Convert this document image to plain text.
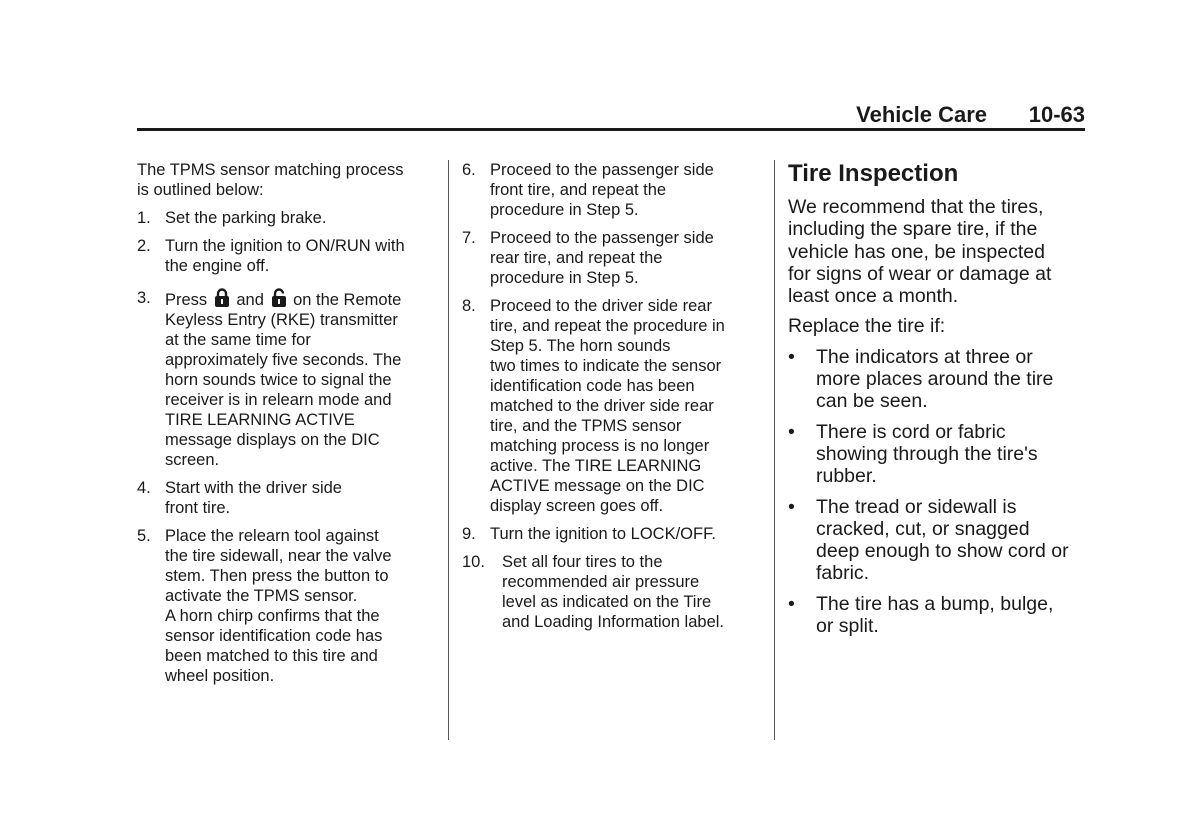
Vehicle Care 10-63
The TPMS sensor matching process
is outlined below:
1. Set the parking brake.
2. Turn the ignition to ON/RUN with
the engine off.
3. Press and on the Remote
Keyless Entry (RKE) transmitter
at the same time for
approximately five seconds. The
horn sounds twice to signal the
receiver is in relearn mode and
TIRE LEARNING ACTIVE
message displays on the DIC
screen.
4. Start with the driver side
front tire.
5. Place the relearn tool against
the tire sidewall, near the valve
stem. Then press the button to
activate the TPMS sensor.
A horn chirp confirms that the
sensor identification code has
been matched to this tire and
wheel position.
6. Proceed to the passenger side
front tire, and repeat the
procedure in Step 5.
7. Proceed to the passenger side
rear tire, and repeat the
procedure in Step 5.
8. Proceed to the driver side rear
tire, and repeat the procedure in
Step 5. The horn sounds
two times to indicate the sensor
identification code has been
matched to the driver side rear
tire, and the TPMS sensor
matching process is no longer
active. The TIRE LEARNING
ACTIVE message on the DIC
display screen goes off.
9. Turn the ignition to LOCK/OFF.
10. Set all four tires to the
recommended air pressure
level as indicated on the Tire
and Loading Information label.
Tire Inspection
We recommend that the tires,
including the spare tire, if the
vehicle has one, be inspected
for signs of wear or damage at
least once a month.
Replace the tire if:
• The indicators at three or
more places around the tire
can be seen.
• There is cord or fabric
showing through the tire's
rubber.
• The tread or sidewall is
cracked, cut, or snagged
deep enough to show cord or
fabric.
• The tire has a bump, bulge,
or split.
